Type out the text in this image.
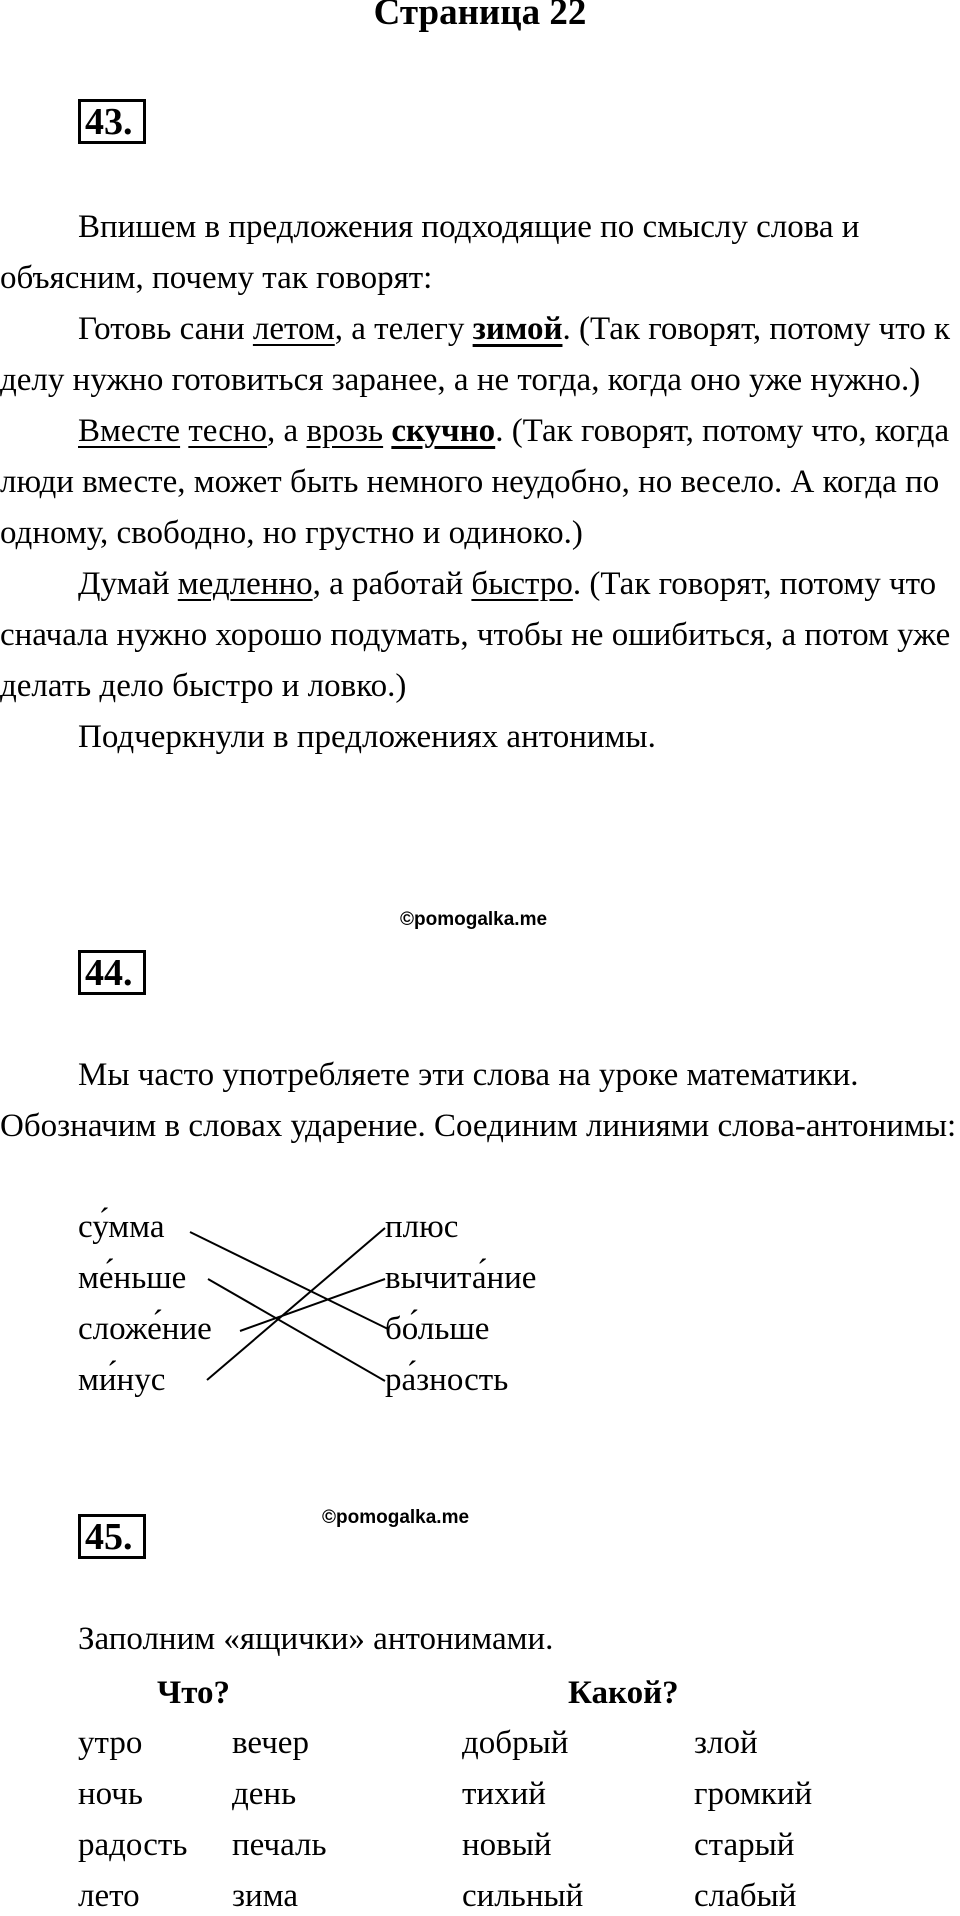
Страница 22
43.

Впишем в предложения подходящие по смыслу слова и объясним, почему так говорят:

Готовь сани летом, а телегу зимой. (Так говорят, потому что к делу нужно готовиться заранее, а не тогда, когда оно уже нужно.)

Вместе тесно, а врозь скучно. (Так говорят, потому что, когда люди вместе, может быть немного неудобно, но весело. А когда по одному, свободно, но грустно и одиноко.)

Думай медленно, а работай быстро. (Так говорят, потому что сначала нужно хорошо подумать, чтобы не ошибиться, а потом уже делать дело быстро и ловко.)

Подчеркнули в предложениях антонимы.

©pomogalka.me
44.

Мы часто употребляете эти слова на уроке математики. Обозначим в словах ударение. Соединим линиями слова-антонимы:

су́мма
ме́ньше
сложе́ние
ми́нус
плюс
вычита́ние
бо́льше
ра́зность
©pomogalka.me
45.

Заполним «ящички» антонимами.

Что?	Какой?
утро	вечер	добрый	злой
ночь	день	тихий	громкий
радость печаль	новый	старый
лето	зима	сильный	слабый
